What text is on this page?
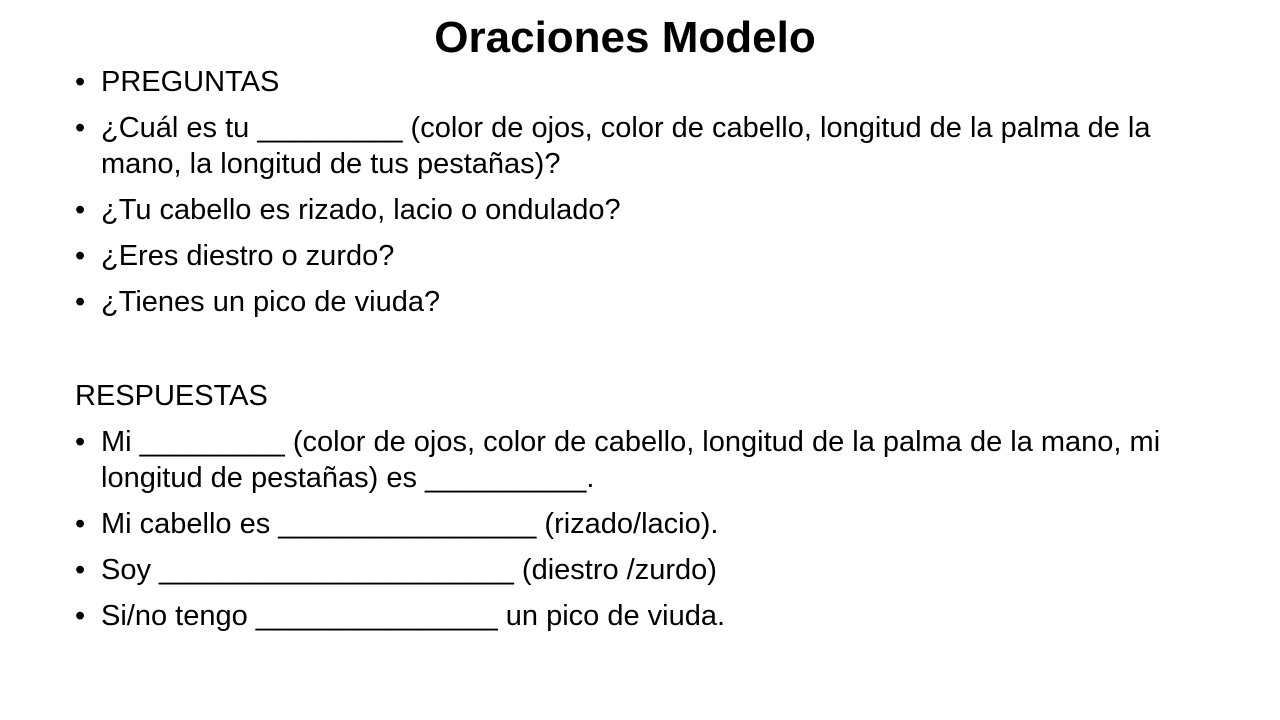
Oraciones Modelo
• PREGUNTAS
• ¿Cuál es tu _________ (color de ojos, color de cabello, longitud de la palma de la mano, la longitud de tus pestañas)?
• ¿Tu cabello es rizado, lacio o ondulado?
• ¿Eres diestro o zurdo?
• ¿Tienes un pico de viuda?
RESPUESTAS
• Mi _________ (color de ojos, color de cabello, longitud de la palma de la mano, mi longitud de pestañas) es __________.
• Mi cabello es ________________ (rizado/lacio).
• Soy ______________________ (diestro /zurdo)
• Si/no tengo _______________ un pico de viuda.
